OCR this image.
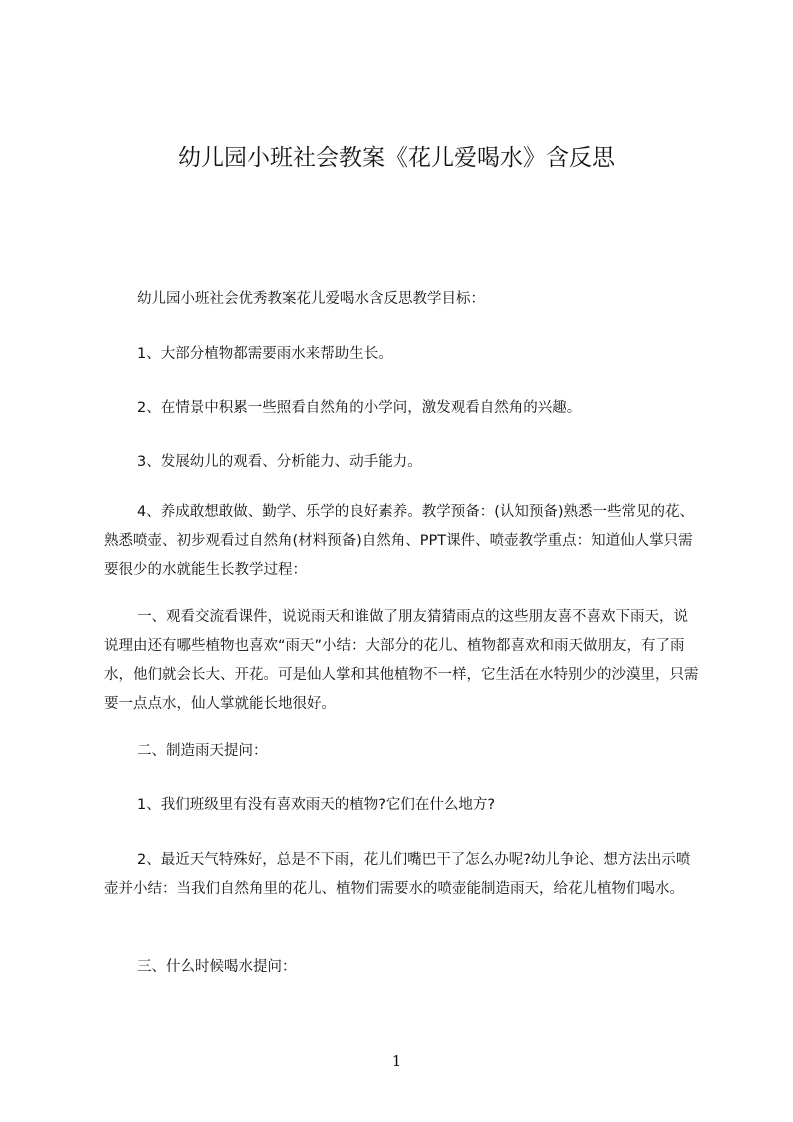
幼儿园小班社会教案《花儿爱喝水》含反思

幼儿园小班社会优秀教案花儿爱喝水含反思教学目标：

1、大部分植物都需要雨水来帮助生长。

2、在情景中积累一些照看自然角的小学问，激发观看自然角的兴趣。

3、发展幼儿的观看、分析能力、动手能力。

4、养成敢想敢做、勤学、乐学的良好素养。教学预备：(认知预备)熟悉一些常见的花、熟悉喷壶、初步观看过自然角(材料预备)自然角、PPT课件、喷壶教学重点：知道仙人掌只需要很少的水就能生长教学过程：

一、观看交流看课件，说说雨天和谁做了朋友猜猜雨点的这些朋友喜不喜欢下雨天，说说理由还有哪些植物也喜欢“雨天”小结：大部分的花儿、植物都喜欢和雨天做朋友，有了雨水，他们就会长大、开花。可是仙人掌和其他植物不一样，它生活在水特别少的沙漠里，只需要一点点水，仙人掌就能长地很好。

二、制造雨天提问：

1、我们班级里有没有喜欢雨天的植物?它们在什么地方?

2、最近天气特殊好，总是不下雨，花儿们嘴巴干了怎么办呢?幼儿争论、想方法出示喷壶并小结：当我们自然角里的花儿、植物们需要水的喷壶能制造雨天，给花儿植物们喝水。

三、什么时候喝水提问：

1
